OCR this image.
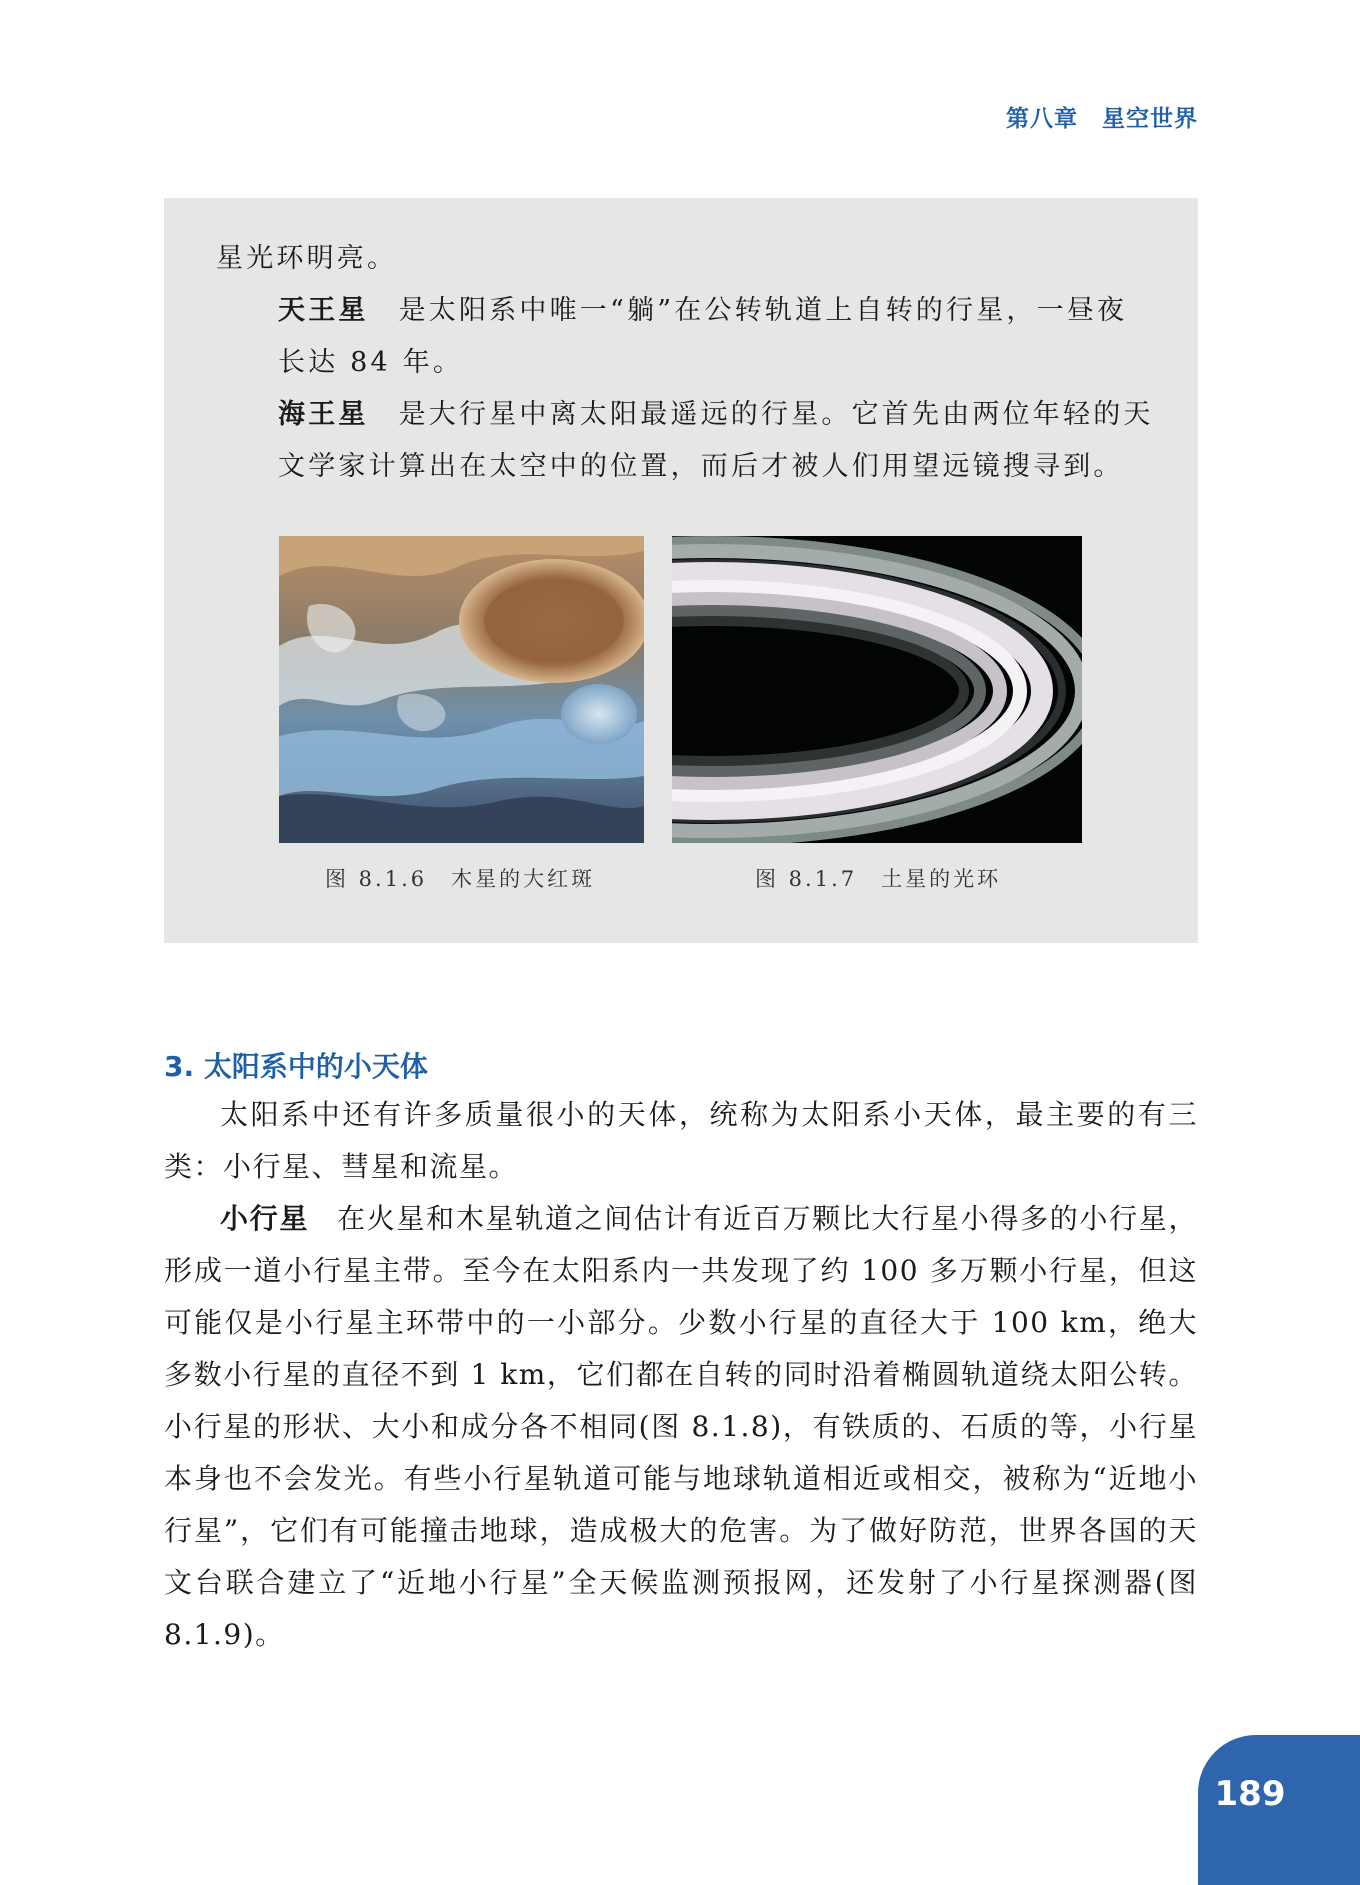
第八章　星空世界
星光环明亮。
天王星 是太阳系中唯一“躺”在公转轨道上自转的行星，一昼夜长达 84 年。
海王星 是大行星中离太阳最遥远的行星。它首先由两位年轻的天文学家计算出在太空中的位置，而后才被人们用望远镜搜寻到。
图 8.1.6　木星的大红斑	图 8.1.7　土星的光环
3. 太阳系中的小天体
太阳系中还有许多质量很小的天体，统称为太阳系小天体，最主要的有三类：小行星、彗星和流星。
小行星 在火星和木星轨道之间估计有近百万颗比大行星小得多的小行星，形成一道小行星主带。至今在太阳系内一共发现了约 100 多万颗小行星，但这可能仅是小行星主环带中的一小部分。少数小行星的直径大于 100 km，绝大多数小行星的直径不到 1 km，它们都在自转的同时沿着椭圆轨道绕太阳公转。小行星的形状、大小和成分各不相同(图 8.1.8)，有铁质的、石质的等，小行星本身也不会发光。有些小行星轨道可能与地球轨道相近或相交，被称为“近地小行星”，它们有可能撞击地球，造成极大的危害。为了做好防范，世界各国的天文台联合建立了“近地小行星”全天候监测预报网，还发射了小行星探测器(图 8.1.9)。
189
